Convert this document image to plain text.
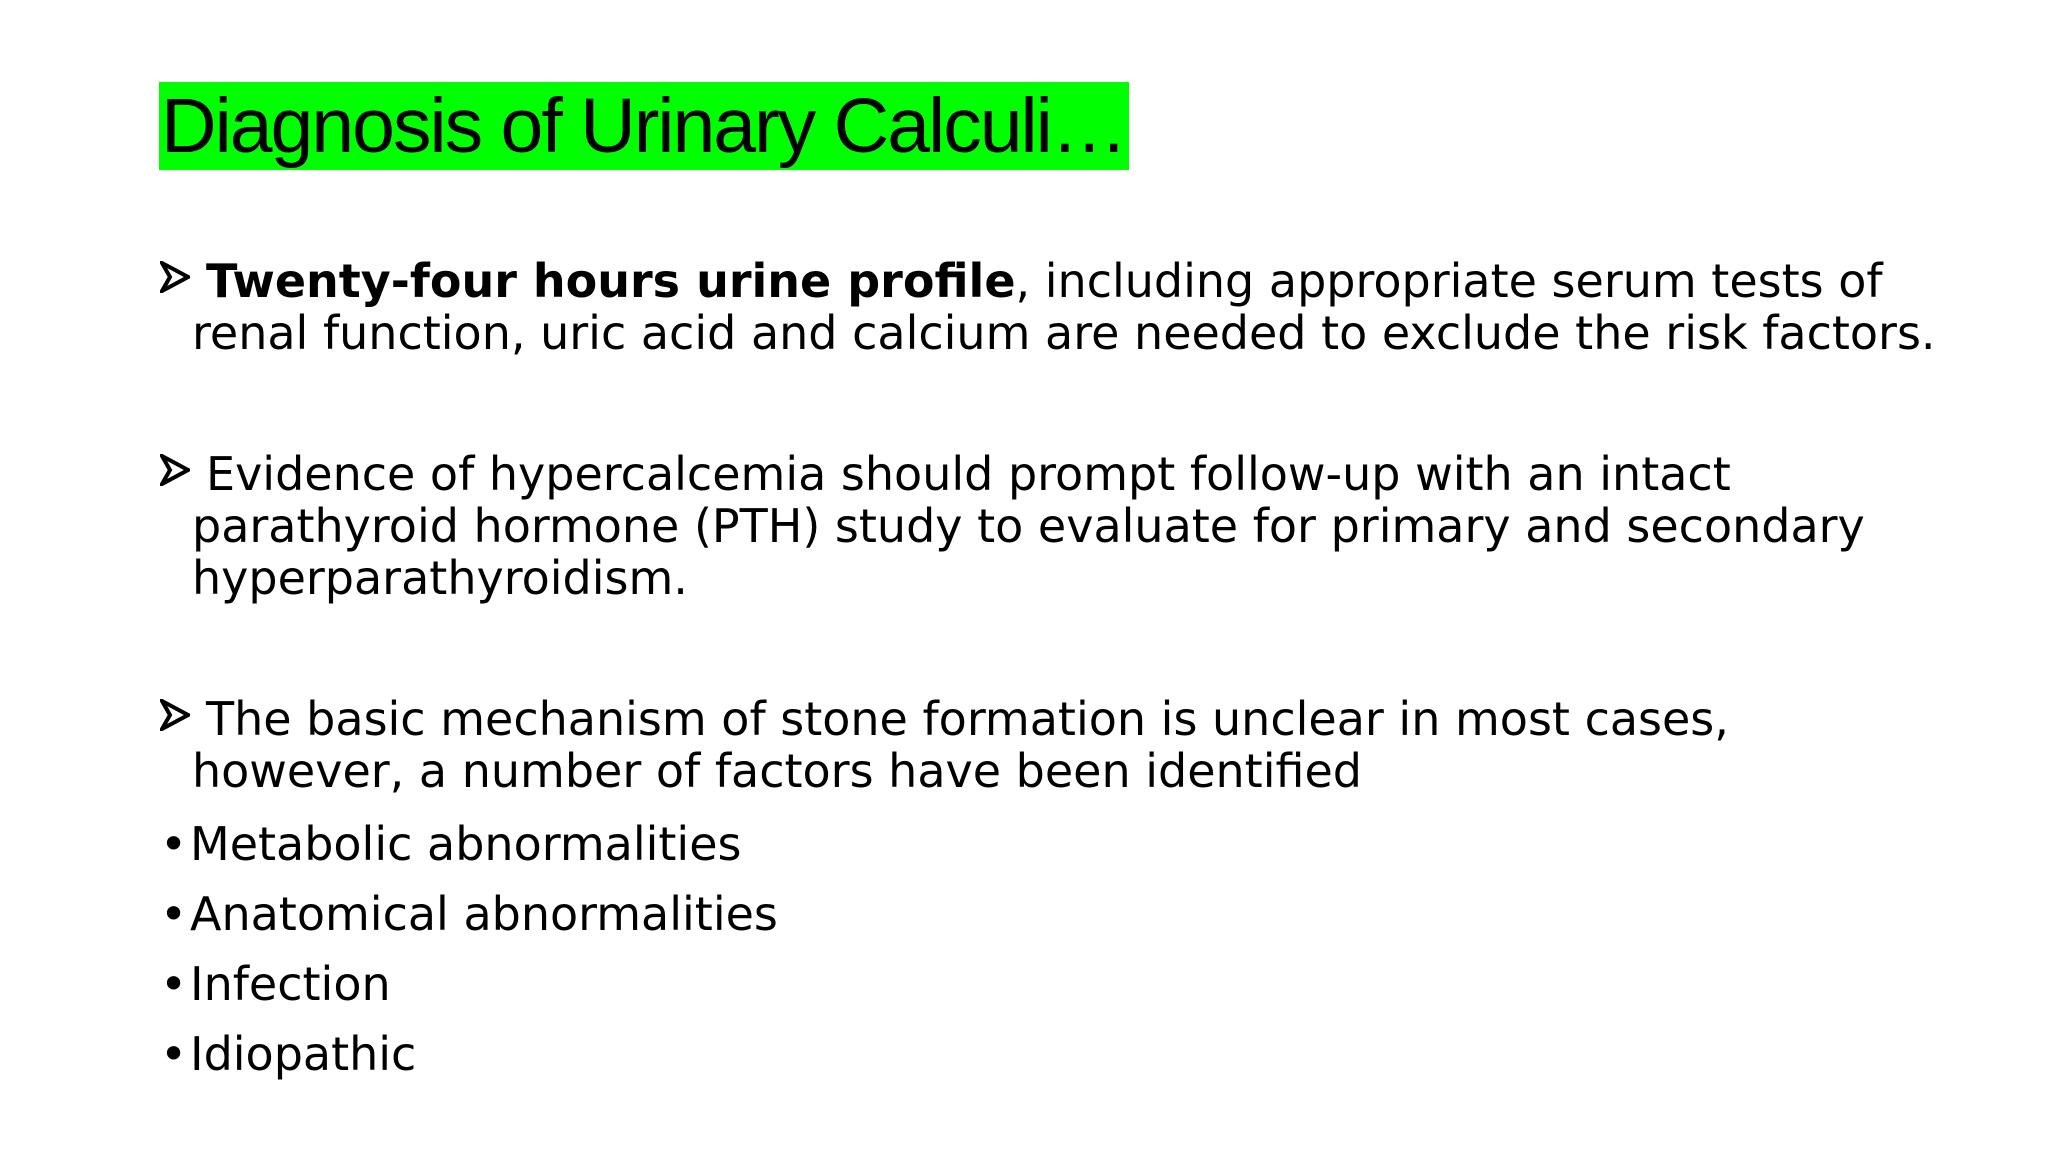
Diagnosis of Urinary Calculi…
Twenty-four hours urine profile, including appropriate serum tests of
renal function, uric acid and calcium are needed to exclude the risk factors.
Evidence of hypercalcemia should prompt follow-up with an intact
parathyroid hormone (PTH) study to evaluate for primary and secondary
hyperparathyroidism.
The basic mechanism of stone formation is unclear in most cases,
however, a number of factors have been identified
•Metabolic abnormalities
•Anatomical abnormalities
•Infection
•Idiopathic
